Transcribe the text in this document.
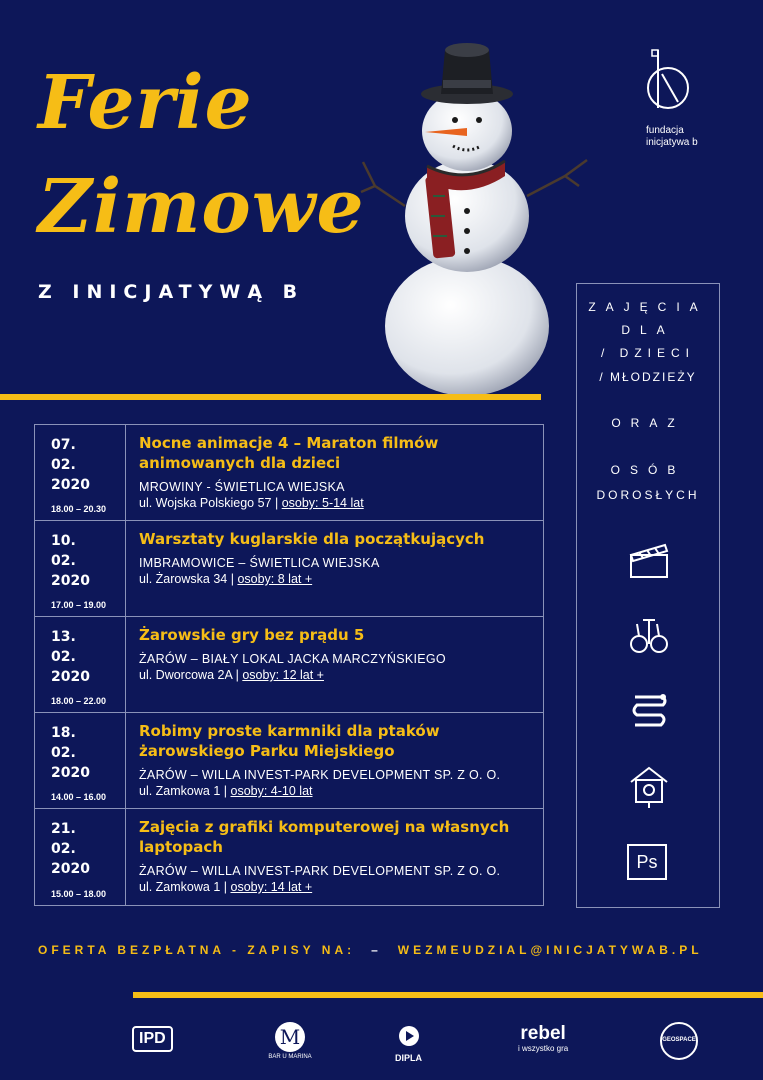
Ferie
Zimowe
Z INICJATYWĄ B
fundacja
inicjatywa b
07.
02.
2020
18.00 – 20.30
Nocne animacje 4 – Maraton filmów animowanych dla dzieci
MROWINY - ŚWIETLICA WIEJSKA
ul. Wojska Polskiego 57 | osoby: 5-14 lat
10.
02.
2020
17.00 – 19.00
Warsztaty kuglarskie dla początkujących
IMBRAMOWICE – ŚWIETLICA WIEJSKA
ul. Żarowska 34 | osoby: 8 lat +
13.
02.
2020
18.00 – 22.00
Żarowskie gry bez prądu 5
ŻARÓW – BIAŁY LOKAL JACKA MARCZYŃSKIEGO
ul. Dworcowa 2A | osoby: 12 lat +
18.
02.
2020
14.00 – 16.00
Robimy proste karmniki dla ptaków żarowskiego Parku Miejskiego
ŻARÓW – WILLA INVEST-PARK DEVELOPMENT SP. Z O. O.
ul. Zamkowa 1 | osoby: 4-10 lat
21.
02.
2020
15.00 – 18.00
Zajęcia z grafiki komputerowej na własnych laptopach
ŻARÓW – WILLA INVEST-PARK DEVELOPMENT SP. Z O. O.
ul. Zamkowa 1 | osoby: 14 lat +
ZAJĘCIA
DLA
/ DZIECI
/ MŁODZIEŻY
ORAZ
OSÓB
DOROSŁYCH
Ps
OFERTA BEZPŁATNA - ZAPISY NA: – WEZMEUDZIAL@INICJATYWAB.PL
IPD	M
BAR U MARINA	DIPLA
rebel
i wszystko gra
GEOSPACE
